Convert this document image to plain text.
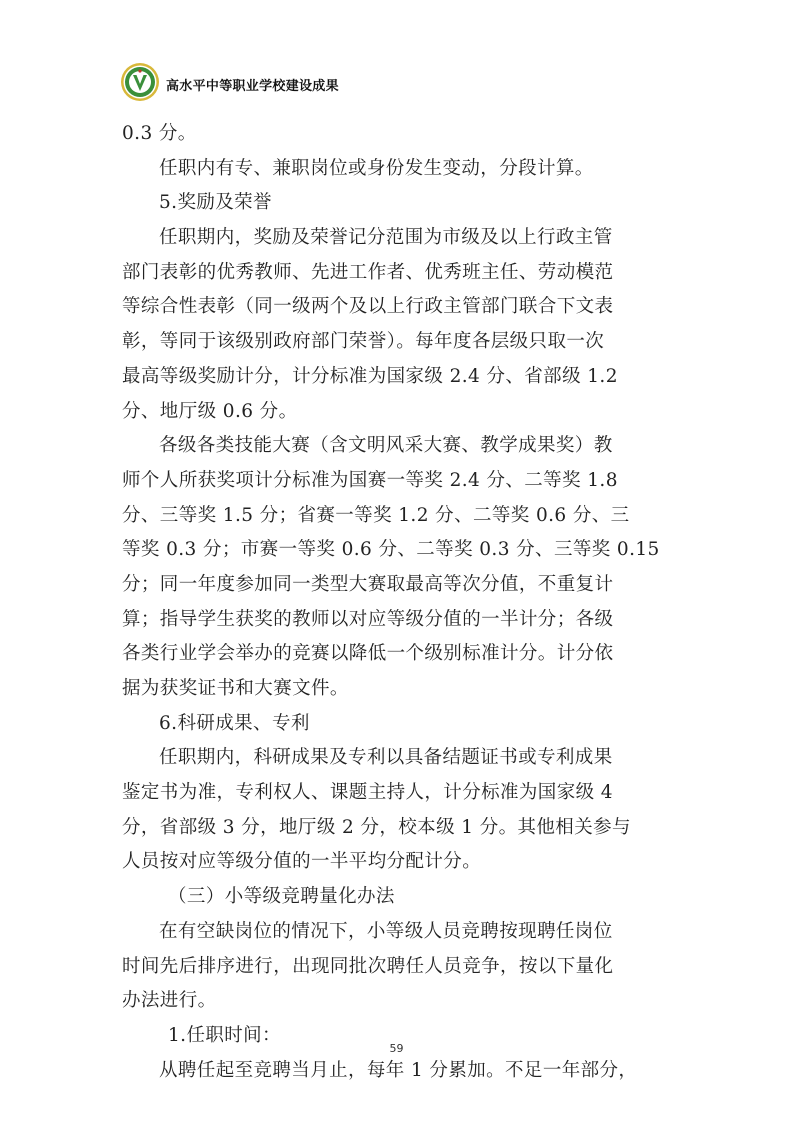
高水平中等职业学校建设成果
0.3 分。
任职内有专、兼职岗位或身份发生变动，分段计算。
5.奖励及荣誉
任职期内，奖励及荣誉记分范围为市级及以上行政主管
部门表彰的优秀教师、先进工作者、优秀班主任、劳动模范
等综合性表彰（同一级两个及以上行政主管部门联合下文表
彰，等同于该级别政府部门荣誉）。每年度各层级只取一次
最高等级奖励计分，计分标准为国家级 2.4 分、省部级 1.2
分、地厅级 0.6 分。
各级各类技能大赛（含文明风采大赛、教学成果奖）教
师个人所获奖项计分标准为国赛一等奖 2.4 分、二等奖 1.8
分、三等奖 1.5 分；省赛一等奖 1.2 分、二等奖 0.6 分、三
等奖 0.3 分；市赛一等奖 0.6 分、二等奖 0.3 分、三等奖 0.15
分；同一年度参加同一类型大赛取最高等次分值，不重复计
算；指导学生获奖的教师以对应等级分值的一半计分；各级
各类行业学会举办的竞赛以降低一个级别标准计分。计分依
据为获奖证书和大赛文件。
6.科研成果、专利
任职期内，科研成果及专利以具备结题证书或专利成果
鉴定书为准，专利权人、课题主持人，计分标准为国家级 4
分，省部级 3 分，地厅级 2 分，校本级 1 分。其他相关参与
人员按对应等级分值的一半平均分配计分。
（三）小等级竞聘量化办法
在有空缺岗位的情况下，小等级人员竞聘按现聘任岗位
时间先后排序进行，出现同批次聘任人员竞争，按以下量化
办法进行。
1.任职时间：
从聘任起至竞聘当月止，每年 1 分累加。不足一年部分，
59
